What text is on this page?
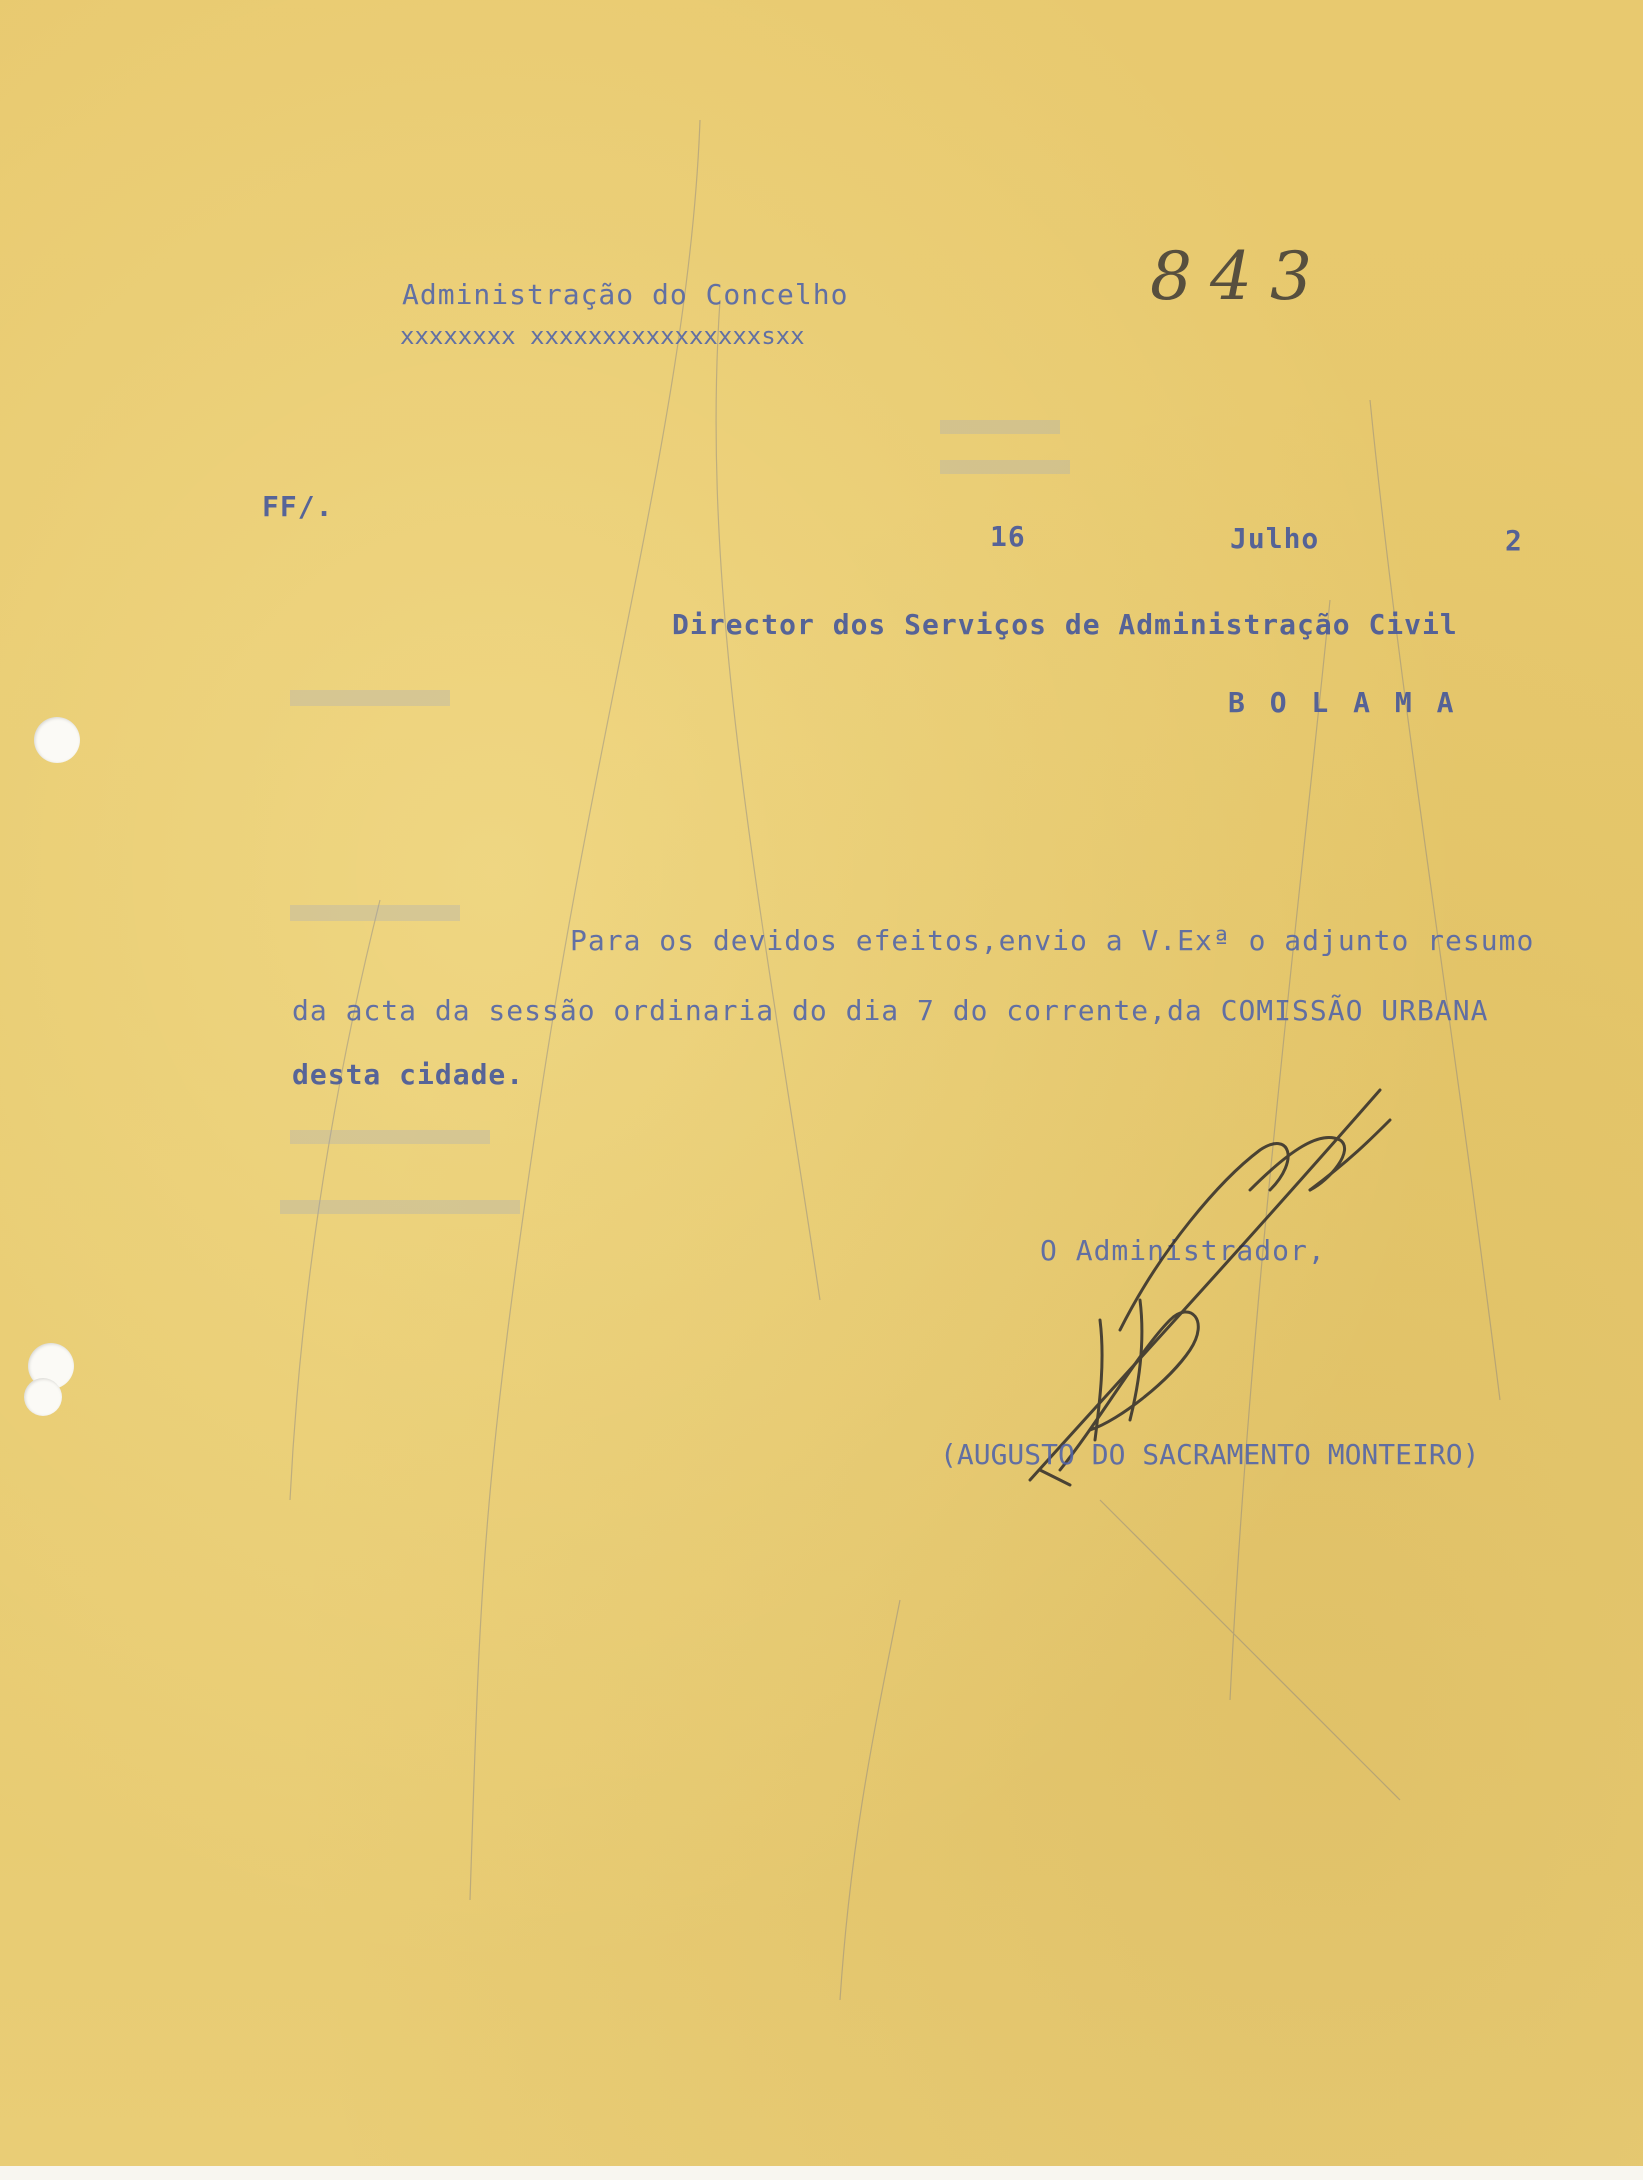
Administração do Concelho
xxxxxxxx xxxxxxxxxxxxxxxxsxx
843
FF/.
16	Julho	2
Director dos Serviços de Administração Civil
B O L A M A
Para os devidos efeitos,envio a V.Exª o adjunto resumo
da acta da sessão ordinaria do dia 7 do corrente,da COMISSÃO URBANA
desta cidade.
O Administrador,
(AUGUSTO DO SACRAMENTO MONTEIRO)
